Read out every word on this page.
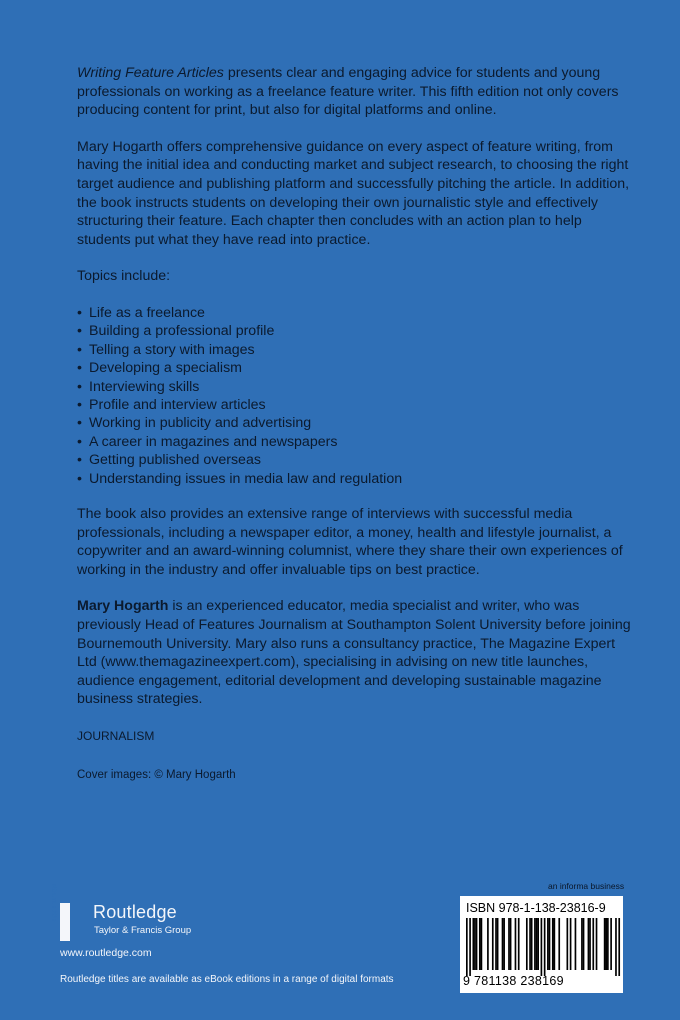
Writing Feature Articles presents clear and engaging advice for students and young professionals on working as a freelance feature writer. This fifth edition not only covers producing content for print, but also for digital platforms and online.

Mary Hogarth offers comprehensive guidance on every aspect of feature writing, from having the initial idea and conducting market and subject research, to choosing the right target audience and publishing platform and successfully pitching the article. In addition, the book instructs students on developing their own journalistic style and effectively structuring their feature. Each chapter then concludes with an action plan to help students put what they have read into practice.

Topics include:

• Life as a freelance
• Building a professional profile
• Telling a story with images
• Developing a specialism
• Interviewing skills
• Profile and interview articles
• Working in publicity and advertising
• A career in magazines and newspapers
• Getting published overseas
• Understanding issues in media law and regulation

The book also provides an extensive range of interviews with successful media professionals, including a newspaper editor, a money, health and lifestyle journalist, a copywriter and an award-winning columnist, where they share their own experiences of working in the industry and offer invaluable tips on best practice.

Mary Hogarth is an experienced educator, media specialist and writer, who was previously Head of Features Journalism at Southampton Solent University before joining Bournemouth University. Mary also runs a consultancy practice, The Magazine Expert Ltd (www.themagazineexpert.com), specialising in advising on new title launches, audience engagement, editorial development and developing sustainable magazine business strategies.

JOURNALISM

Cover images: © Mary Hogarth

ROUTLEDGE Routledge
Taylor & Francis Group
www.routledge.com
Routledge titles are available as eBook editions in a range of digital formats
an informa business
ISBN 978-1-138-23816-9
9 781138 238169
